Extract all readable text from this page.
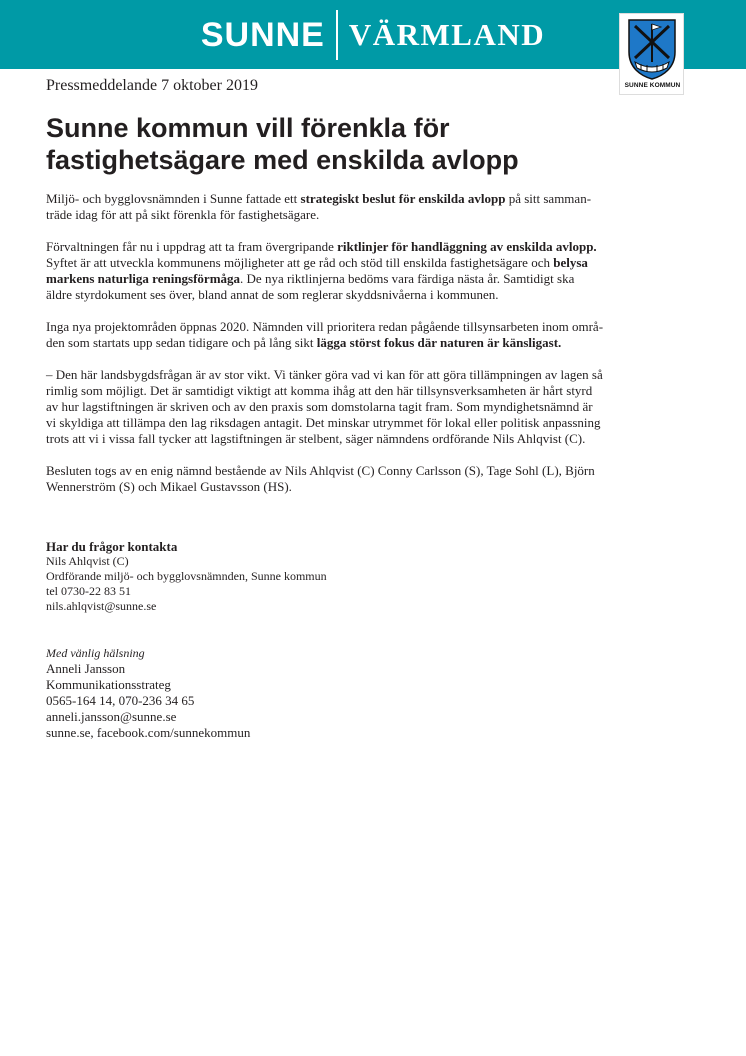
SUNNE VÄRMLAND
SUNNE KOMMUN
Pressmeddelande 7 oktober 2019
Sunne kommun vill förenkla för
fastighetsägare med enskilda avlopp

Miljö- och bygglovsnämnden i Sunne fattade ett strategiskt beslut för enskilda avlopp på sitt samman-
träde idag för att på sikt förenkla för fastighetsägare.

Förvaltningen får nu i uppdrag att ta fram övergripande riktlinjer för handläggning av enskilda avlopp.
Syftet är att utveckla kommunens möjligheter att ge råd och stöd till enskilda fastighetsägare och belysa
markens naturliga reningsförmåga. De nya riktlinjerna bedöms vara färdiga nästa år. Samtidigt ska
äldre styrdokument ses över, bland annat de som reglerar skyddsnivåerna i kommunen.

Inga nya projektområden öppnas 2020. Nämnden vill prioritera redan pågående tillsynsarbeten inom områ-
den som startats upp sedan tidigare och på lång sikt lägga störst fokus där naturen är känsligast.

– Den här landsbygdsfrågan är av stor vikt. Vi tänker göra vad vi kan för att göra tillämpningen av lagen så
rimlig som möjligt. Det är samtidigt viktigt att komma ihåg att den här tillsynsverksamheten är hårt styrd
av hur lagstiftningen är skriven och av den praxis som domstolarna tagit fram. Som myndighetsnämnd är
vi skyldiga att tillämpa den lag riksdagen antagit. Det minskar utrymmet för lokal eller politisk anpassning
trots att vi i vissa fall tycker att lagstiftningen är stelbent, säger nämndens ordförande Nils Ahlqvist (C).

Besluten togs av en enig nämnd bestående av Nils Ahlqvist (C) Conny Carlsson (S), Tage Sohl (L), Björn
Wennerström (S) och Mikael Gustavsson (HS).

Har du frågor kontakta
Nils Ahlqvist (C)
Ordförande miljö- och bygglovsnämnden, Sunne kommun
tel 0730-22 83 51
nils.ahlqvist@sunne.se
Med vänlig hälsning
Anneli Jansson
Kommunikationsstrateg
0565-164 14, 070-236 34 65
anneli.jansson@sunne.se
sunne.se, facebook.com/sunnekommun
